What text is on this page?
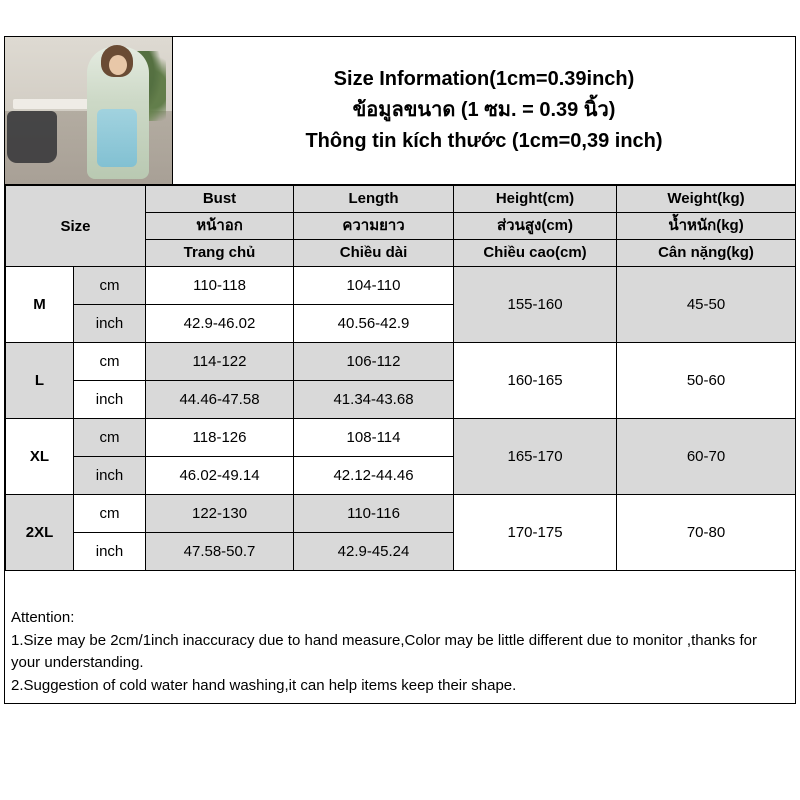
Size Information(1cm=0.39inch)
ข้อมูลขนาด (1 ซม. = 0.39 นิ้ว)
Thông tin kích thước (1cm=0,39 inch)
Size		Bust	Length	Height(cm)	Weight(kg)
		หน้าอก	ความยาว	ส่วนสูง(cm)	น้ำหนัก(kg)
		Trang chủ	Chiều dài	Chiều cao(cm)	Cân nặng(kg)
M	cm	110-118	104-110	155-160	45-50
	inch	42.9-46.02	40.56-42.9		
L	cm	114-122	106-112	160-165	50-60
	inch	44.46-47.58	41.34-43.68		
XL	cm	118-126	108-114	165-170	60-70
	inch	46.02-49.14	42.12-44.46		
2XL	cm	122-130	110-116	170-175	70-80
	inch	47.58-50.7	42.9-45.24		

Attention:

1.Size may be 2cm/1inch inaccuracy due to hand measure,Color may be little different due to monitor ,thanks for your understanding.

2.Suggestion of cold water hand washing,it can help items keep their shape.
